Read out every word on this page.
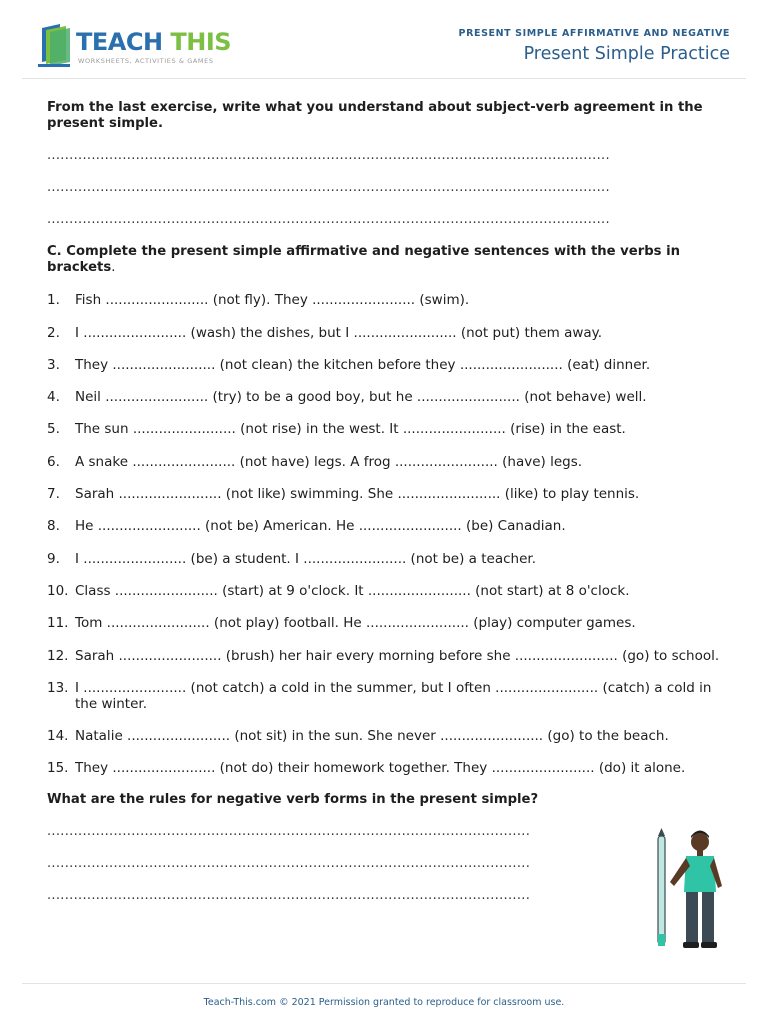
TEACH THIS
WORKSHEETS, ACTIVITIES & GAMES
PRESENT SIMPLE AFFIRMATIVE AND NEGATIVE
Present Simple Practice

From the last exercise, write what you understand about subject-verb agreement in the present simple.

...............................................................................................................................
...............................................................................................................................
...............................................................................................................................

C. Complete the present simple affirmative and negative sentences with the verbs in brackets.

1. Fish ........................ (not fly). They ........................ (swim).
2. I ........................ (wash) the dishes, but I ........................ (not put) them away.
3. They ........................ (not clean) the kitchen before they ........................ (eat) dinner.
4. Neil ........................ (try) to be a good boy, but he ........................ (not behave) well.
5. The sun ........................ (not rise) in the west. It ........................ (rise) in the east.
6. A snake ........................ (not have) legs. A frog ........................ (have) legs.
7. Sarah ........................ (not like) swimming. She ........................ (like) to play tennis.
8. He ........................ (not be) American. He ........................ (be) Canadian.
9. I ........................ (be) a student. I ........................ (not be) a teacher.
10. Class ........................ (start) at 9 o'clock. It ........................ (not start) at 8 o'clock.
11. Tom ........................ (not play) football. He ........................ (play) computer games.
12. Sarah ........................ (brush) her hair every morning before she ........................ (go) to school.
13. I ........................ (not catch) a cold in the summer, but I often ........................ (catch) a cold in the winter.
14. Natalie ........................ (not sit) in the sun. She never ........................ (go) to the beach.
15. They ........................ (not do) their homework together. They ........................ (do) it alone.

What are the rules for negative verb forms in the present simple?

.............................................................................................................
.............................................................................................................
.............................................................................................................
Teach-This.com © 2021 Permission granted to reproduce for classroom use.
